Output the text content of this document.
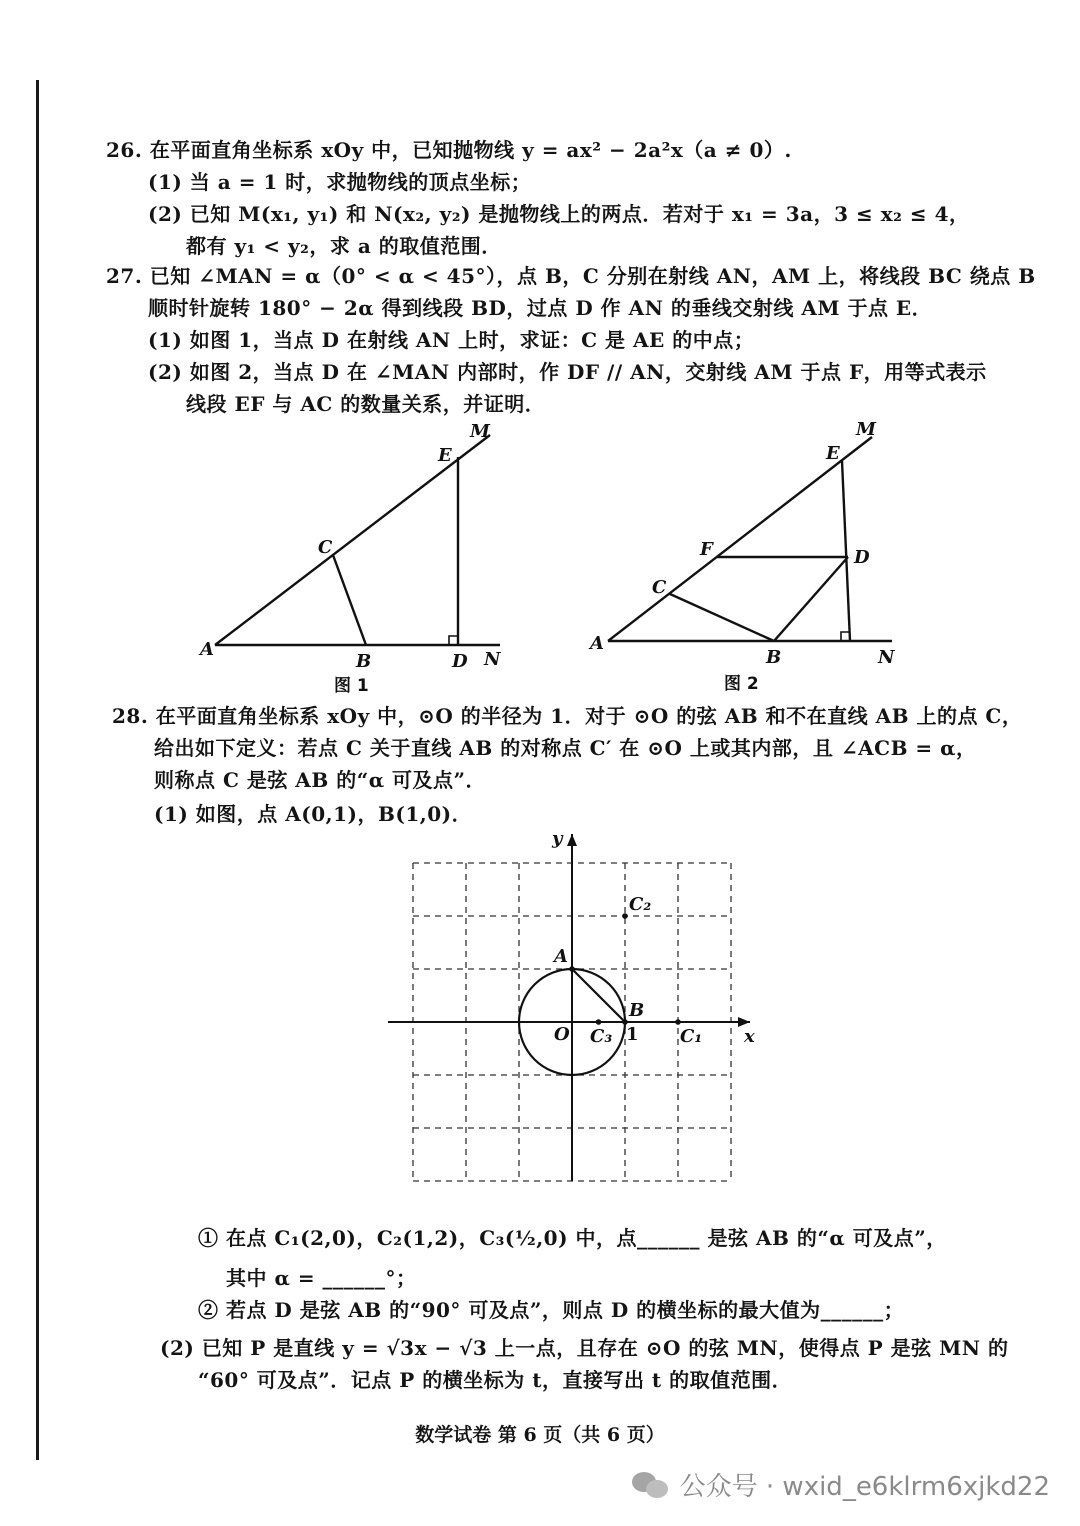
26. 在平面直角坐标系 xOy 中，已知抛物线 y = ax² − 2a²x（a ≠ 0）.
(1) 当 a = 1 时，求抛物线的顶点坐标；
(2) 已知 M(x₁, y₁) 和 N(x₂, y₂) 是抛物线上的两点．若对于 x₁ = 3a，3 ≤ x₂ ≤ 4，
都有 y₁ < y₂，求 a 的取值范围．
27. 已知 ∠MAN = α（0° < α < 45°），点 B，C 分别在射线 AN，AM 上，将线段 BC 绕点 B
顺时针旋转 180° − 2α 得到线段 BD，过点 D 作 AN 的垂线交射线 AM 于点 E．
(1) 如图 1，当点 D 在射线 AN 上时，求证：C 是 AE 的中点；
(2) 如图 2，当点 D 在 ∠MAN 内部时，作 DF // AN，交射线 AM 于点 F，用等式表示
线段 EF 与 AC 的数量关系，并证明．
M
E
C
A
B	D N
图 1
M
E
F	D
C
A
B	N
图 2
28. 在平面直角坐标系 xOy 中，⊙O 的半径为 1．对于 ⊙O 的弦 AB 和不在直线 AB 上的点 C，
给出如下定义：若点 C 关于直线 AB 的对称点 C′ 在 ⊙O 上或其内部，且 ∠ACB = α，
则称点 C 是弦 AB 的“α 可及点”．
(1) 如图，点 A(0,1)，B(1,0)．
y
x
A
B
O	1 C₁
C₂
C₃
① 在点 C₁(2,0)，C₂(1,2)，C₃(½,0) 中，点______ 是弦 AB 的“α 可及点”，
其中 α = ______°；
② 若点 D 是弦 AB 的“90° 可及点”，则点 D 的横坐标的最大值为______；
(2) 已知 P 是直线 y = √3x − √3 上一点，且存在 ⊙O 的弦 MN，使得点 P 是弦 MN 的
“60° 可及点”．记点 P 的横坐标为 t，直接写出 t 的取值范围．
数学试卷 第 6 页（共 6 页）
公众号 · wxid_e6klrm6xjkd22
